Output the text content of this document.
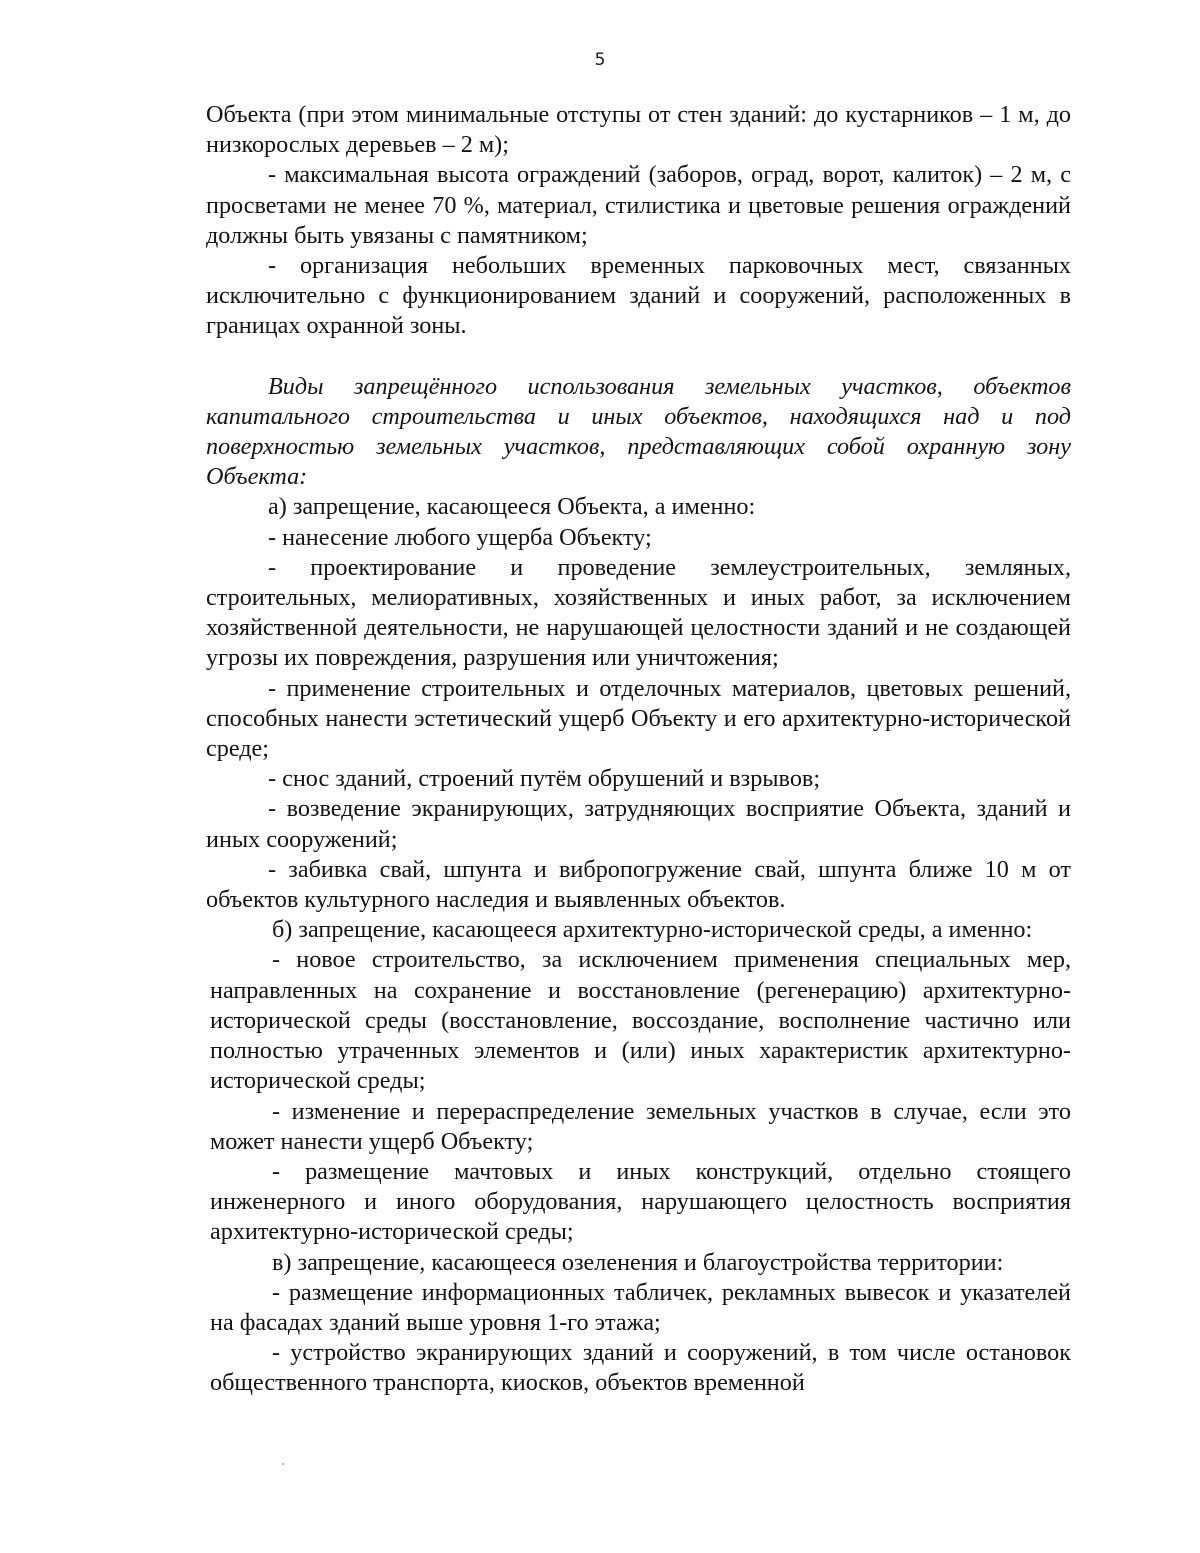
5

Объекта (при этом минимальные отступы от стен зданий: до кустарников – 1 м, до низкорослых деревьев – 2 м);

- максимальная высота ограждений (заборов, оград, ворот, калиток) – 2 м, с просветами не менее 70 %, материал, стилистика и цветовые решения ограждений должны быть увязаны с памятником;

- организация небольших временных парковочных мест, связанных исключительно с функционированием зданий и сооружений, расположенных в границах охранной зоны.

Виды запрещённого использования земельных участков, объектов капитального строительства и иных объектов, находящихся над и под поверхностью земельных участков, представляющих собой охранную зону Объекта:

а) запрещение, касающееся Объекта, а именно:

- нанесение любого ущерба Объекту;

- проектирование и проведение землеустроительных, земляных, строительных, мелиоративных, хозяйственных и иных работ, за исключением хозяйственной деятельности, не нарушающей целостности зданий и не создающей угрозы их повреждения, разрушения или уничтожения;

- применение строительных и отделочных материалов, цветовых решений, способных нанести эстетический ущерб Объекту и его архитектурно-исторической среде;

- снос зданий, строений путём обрушений и взрывов;

- возведение экранирующих, затрудняющих восприятие Объекта, зданий и иных сооружений;

- забивка свай, шпунта и вибропогружение свай, шпунта ближе 10 м от объектов культурного наследия и выявленных объектов.

б) запрещение, касающееся архитектурно-исторической среды, а именно:

- новое строительство, за исключением применения специальных мер, направленных на сохранение и восстановление (регенерацию) архитектурно-исторической среды (восстановление, воссоздание, восполнение частично или полностью утраченных элементов и (или) иных характеристик архитектурно-исторической среды;

- изменение и перераспределение земельных участков в случае, если это может нанести ущерб Объекту;

- размещение мачтовых и иных конструкций, отдельно стоящего инженерного и иного оборудования, нарушающего целостность восприятия архитектурно-исторической среды;

в) запрещение, касающееся озеленения и благоустройства территории:

- размещение информационных табличек, рекламных вывесок и указателей на фасадах зданий выше уровня 1-го этажа;

- устройство экранирующих зданий и сооружений, в том числе остановок общественного транспорта, киосков, объектов временной
